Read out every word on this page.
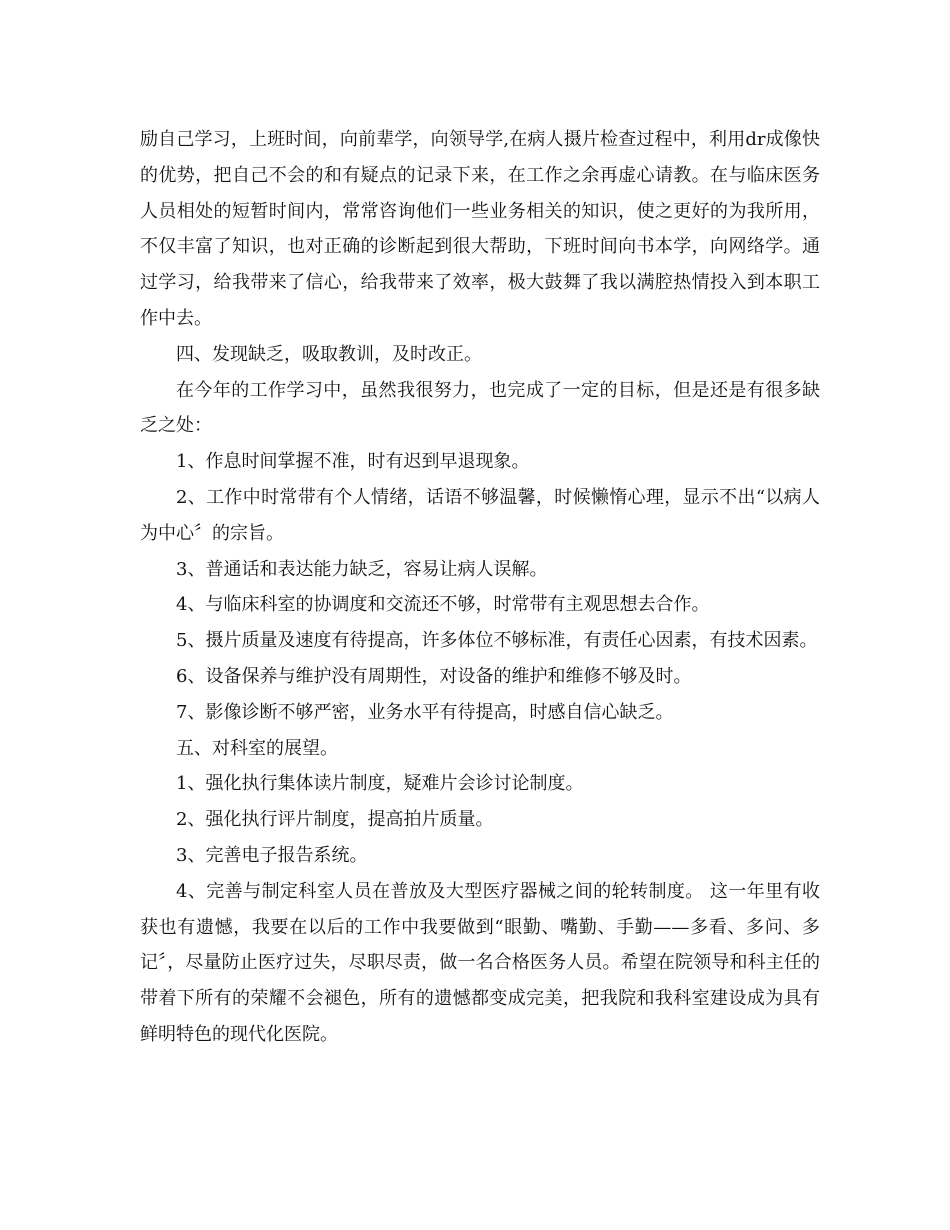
励自己学习，上班时间，向前辈学，向领导学,在病人摄片检查过程中，利用dr成像快的优势，把自己不会的和有疑点的记录下来，在工作之余再虚心请教。在与临床医务人员相处的短暂时间内，常常咨询他们一些业务相关的知识，使之更好的为我所用，不仅丰富了知识，也对正确的诊断起到很大帮助，下班时间向书本学，向网络学。通过学习，给我带来了信心，给我带来了效率，极大鼓舞了我以满腔热情投入到本职工作中去。

四、发现缺乏，吸取教训，及时改正。

在今年的工作学习中，虽然我很努力，也完成了一定的目标，但是还是有很多缺乏之处：

1、作息时间掌握不准，时有迟到早退现象。

2、工作中时常带有个人情绪，话语不够温馨，时候懒惰心理，显示不出“以病人为中心〞的宗旨。

3、普通话和表达能力缺乏，容易让病人误解。

4、与临床科室的协调度和交流还不够，时常带有主观思想去合作。

5、摄片质量及速度有待提高，许多体位不够标准，有责任心因素，有技术因素。

6、设备保养与维护没有周期性，对设备的维护和维修不够及时。

7、影像诊断不够严密，业务水平有待提高，时感自信心缺乏。

五、对科室的展望。

1、强化执行集体读片制度，疑难片会诊讨论制度。

2、强化执行评片制度，提高拍片质量。

3、完善电子报告系统。

4、完善与制定科室人员在普放及大型医疗器械之间的轮转制度。 这一年里有收获也有遗憾，我要在以后的工作中我要做到“眼勤、嘴勤、手勤——多看、多问、多记〞，尽量防止医疗过失，尽职尽责，做一名合格医务人员。希望在院领导和科主任的带着下所有的荣耀不会褪色，所有的遗憾都变成完美，把我院和我科室建设成为具有鲜明特色的现代化医院。
